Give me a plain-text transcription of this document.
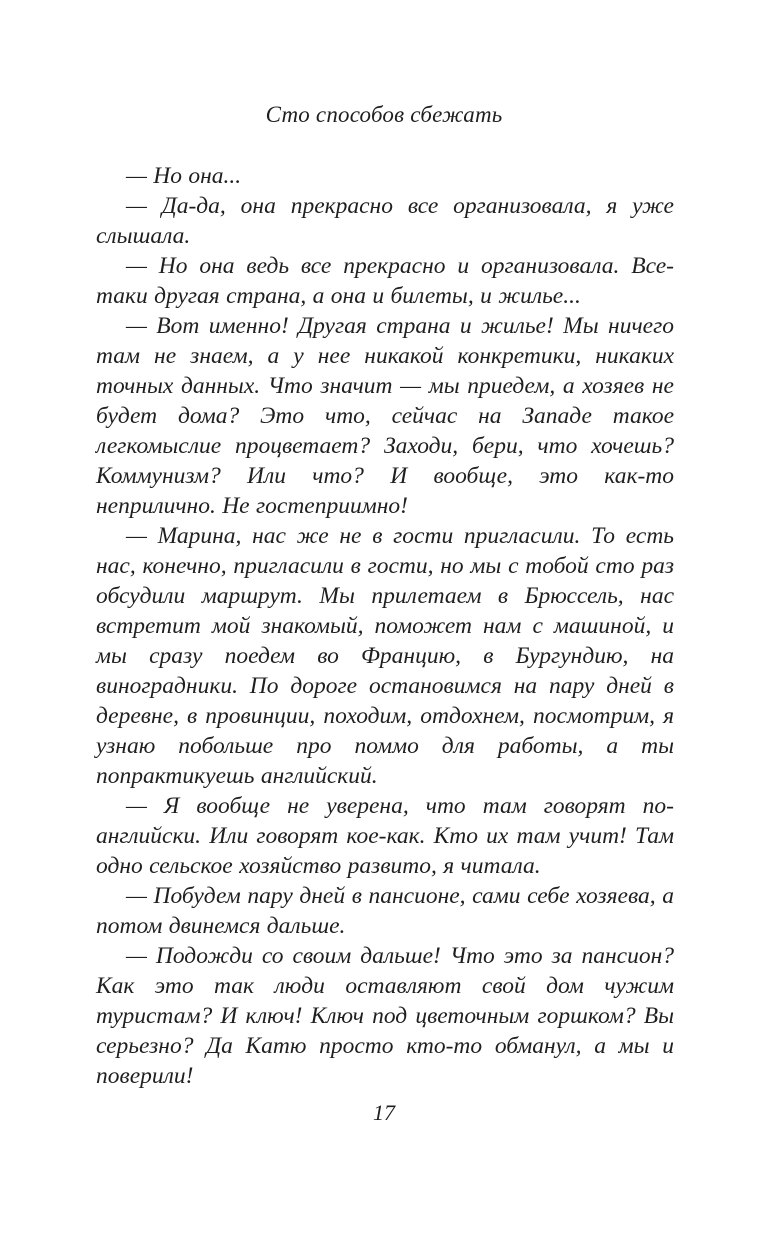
Сто способов сбежать

— Но она...

— Да-да, она прекрасно все организовала, я уже слышала.

— Но она ведь все прекрасно и организовала. Все-таки другая страна, а она и билеты, и жилье...

— Вот именно! Другая страна и жилье! Мы ничего там не знаем, а у нее никакой конкретики, никаких точных данных. Что значит — мы приедем, а хозяев не будет дома? Это что, сейчас на Западе такое легкомыслие процветает? Заходи, бери, что хочешь? Коммунизм? Или что? И вообще, это как-то неприлично. Не гостеприимно!

— Марина, нас же не в гости пригласили. То есть нас, конечно, пригласили в гости, но мы с тобой сто раз обсудили маршрут. Мы прилетаем в Брюссель, нас встретит мой знакомый, поможет нам с машиной, и мы сразу поедем во Францию, в Бургундию, на виноградники. По дороге остановимся на пару дней в деревне, в провинции, походим, отдохнем, посмотрим, я узнаю побольше про поммо для работы, а ты попрактикуешь английский.

— Я вообще не уверена, что там говорят по-английски. Или говорят кое-как. Кто их там учит! Там одно сельское хозяйство развито, я читала.

— Побудем пару дней в пансионе, сами себе хозяева, а потом двинемся дальше.

— Подожди со своим дальше! Что это за пансион? Как это так люди оставляют свой дом чужим туристам? И ключ! Ключ под цветочным горшком? Вы серьезно? Да Катю просто кто-то обманул, а мы и поверили!

17
